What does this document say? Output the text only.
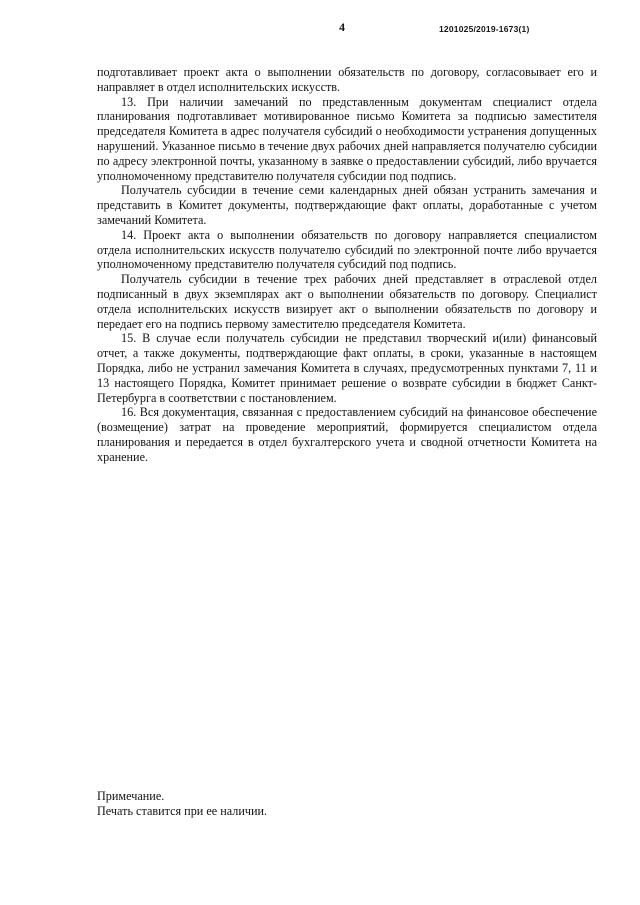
4	1201025/2019-1673(1)

подготавливает проект акта о выполнении обязательств по договору, согласовывает его и направляет в отдел исполнительских искусств.

13. При наличии замечаний по представленным документам специалист отдела планирования подготавливает мотивированное письмо Комитета за подписью заместителя председателя Комитета в адрес получателя субсидий о необходимости устранения допущенных нарушений. Указанное письмо в течение двух рабочих дней направляется получателю субсидии по адресу электронной почты, указанному в заявке о предоставлении субсидий, либо вручается уполномоченному представителю получателя субсидии под подпись.

Получатель субсидии в течение семи календарных дней обязан устранить замечания и представить в Комитет документы, подтверждающие факт оплаты, доработанные с учетом замечаний Комитета.

14. Проект акта о выполнении обязательств по договору направляется специалистом отдела исполнительских искусств получателю субсидий по электронной почте либо вручается уполномоченному представителю получателя субсидий под подпись.

Получатель субсидии в течение трех рабочих дней представляет в отраслевой отдел подписанный в двух экземплярах акт о выполнении обязательств по договору. Специалист отдела исполнительских искусств визирует акт о выполнении обязательств по договору и передает его на подпись первому заместителю председателя Комитета.

15. В случае если получатель субсидии не представил творческий и(или) финансовый отчет, а также документы, подтверждающие факт оплаты, в сроки, указанные в настоящем Порядка, либо не устранил замечания Комитета в случаях, предусмотренных пунктами 7, 11 и 13 настоящего Порядка, Комитет принимает решение о возврате субсидии в бюджет Санкт-Петербурга в соответствии с постановлением.

16. Вся документация, связанная с предоставлением субсидий на финансовое обеспечение (возмещение) затрат на проведение мероприятий, формируется специалистом отдела планирования и передается в отдел бухгалтерского учета и сводной отчетности Комитета на хранение.

Примечание.

Печать ставится при ее наличии.
